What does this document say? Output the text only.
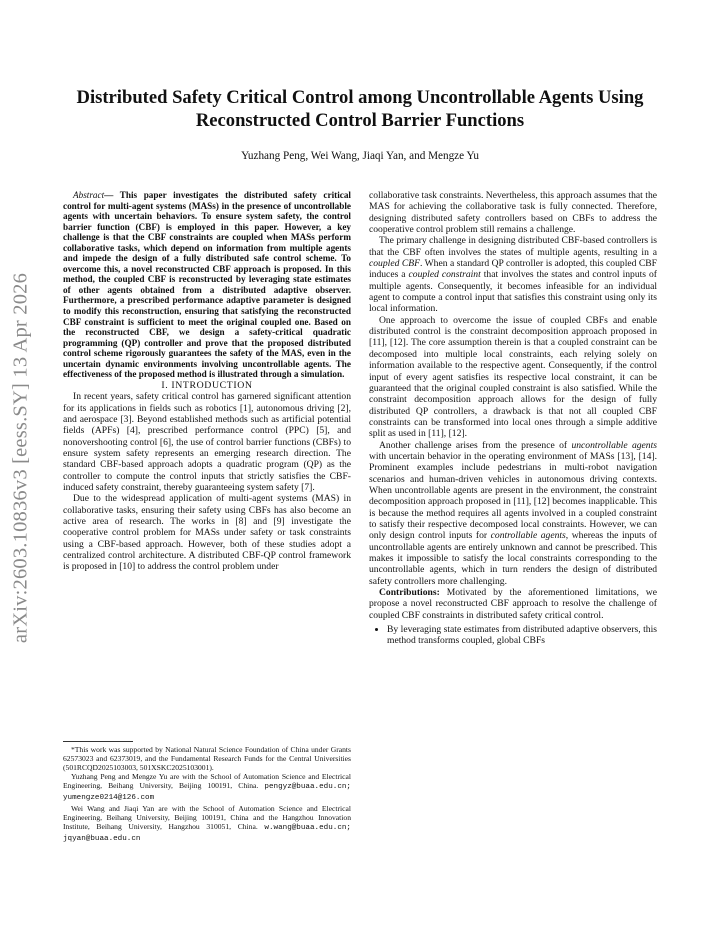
arXiv:2603.10836v3 [eess.SY] 13 Apr 2026
Distributed Safety Critical Control among Uncontrollable Agents Using
Reconstructed Control Barrier Functions
Yuzhang Peng, Wei Wang, Jiaqi Yan, and Mengze Yu

Abstract— This paper investigates the distributed safety critical control for multi-agent systems (MASs) in the presence of uncontrollable agents with uncertain behaviors. To ensure system safety, the control barrier function (CBF) is employed in this paper. However, a key challenge is that the CBF constraints are coupled when MASs perform collaborative tasks, which depend on information from multiple agents and impede the design of a fully distributed safe control scheme. To overcome this, a novel reconstructed CBF approach is proposed. In this method, the coupled CBF is reconstructed by leveraging state estimates of other agents obtained from a distributed adaptive observer. Furthermore, a prescribed performance adaptive parameter is designed to modify this reconstruction, ensuring that satisfying the reconstructed CBF constraint is sufficient to meet the original coupled one. Based on the reconstructed CBF, we design a safety-critical quadratic programming (QP) controller and prove that the proposed distributed control scheme rigorously guarantees the safety of the MAS, even in the uncertain dynamic environments involving uncontrollable agents. The effectiveness of the proposed method is illustrated through a simulation.

I. INTRODUCTION

In recent years, safety critical control has garnered significant attention for its applications in fields such as robotics [1], autonomous driving [2], and aerospace [3]. Beyond established methods such as artificial potential fields (APFs) [4], prescribed performance control (PPC) [5], and nonovershooting control [6], the use of control barrier functions (CBFs) to ensure system safety represents an emerging research direction. The standard CBF-based approach adopts a quadratic program (QP) as the controller to compute the control inputs that strictly satisfies the CBF-induced safety constraint, thereby guaranteeing system safety [7].

Due to the widespread application of multi-agent systems (MAS) in collaborative tasks, ensuring their safety using CBFs has also become an active area of research. The works in [8] and [9] investigate the cooperative control problem for MASs under safety or task constraints using a CBF-based approach. However, both of these studies adopt a centralized control architecture. A distributed CBF-QP control framework is proposed in [10] to address the control problem under

*This work was supported by National Natural Science Foundation of China under Grants 62573023 and 62373019, and the Fundamental Research Funds for the Central Universities (501RCQD2025103003, 501XSKC2025103001).

Yuzhang Peng and Mengze Yu are with the School of Automation Science and Electrical Engineering, Beihang University, Beijing 100191, China. pengyz@buaa.edu.cn; yumengze0214@126.com

Wei Wang and Jiaqi Yan are with the School of Automation Science and Electrical Engineering, Beihang University, Beijing 100191, China and the Hangzhou Innovation Institute, Beihang University, Hangzhou 310051, China. w.wang@buaa.edu.cn; jqyan@buaa.edu.cn

collaborative task constraints. Nevertheless, this approach assumes that the MAS for achieving the collaborative task is fully connected. Therefore, designing distributed safety controllers based on CBFs to address the cooperative control problem still remains a challenge.

The primary challenge in designing distributed CBF-based controllers is that the CBF often involves the states of multiple agents, resulting in a coupled CBF. When a standard QP controller is adopted, this coupled CBF induces a coupled constraint that involves the states and control inputs of multiple agents. Consequently, it becomes infeasible for an individual agent to compute a control input that satisfies this constraint using only its local information.

One approach to overcome the issue of coupled CBFs and enable distributed control is the constraint decomposition approach proposed in [11], [12]. The core assumption therein is that a coupled constraint can be decomposed into multiple local constraints, each relying solely on information available to the respective agent. Consequently, if the control input of every agent satisfies its respective local constraint, it can be guaranteed that the original coupled constraint is also satisfied. While the constraint decomposition approach allows for the design of fully distributed QP controllers, a drawback is that not all coupled CBF constraints can be transformed into local ones through a simple additive split as used in [11], [12].

Another challenge arises from the presence of uncontrollable agents with uncertain behavior in the operating environment of MASs [13], [14]. Prominent examples include pedestrians in multi-robot navigation scenarios and human-driven vehicles in autonomous driving contexts. When uncontrollable agents are present in the environment, the constraint decomposition approach proposed in [11], [12] becomes inapplicable. This is because the method requires all agents involved in a coupled constraint to satisfy their respective decomposed local constraints. However, we can only design control inputs for controllable agents, whereas the inputs of uncontrollable agents are entirely unknown and cannot be prescribed. This makes it impossible to satisfy the local constraints corresponding to the uncontrollable agents, which in turn renders the design of distributed safety controllers more challenging.

Contributions: Motivated by the aforementioned limitations, we propose a novel reconstructed CBF approach to resolve the challenge of coupled CBF constraints in distributed safety critical control.

• By leveraging state estimates from distributed adaptive observers, this method transforms coupled, global CBFs
